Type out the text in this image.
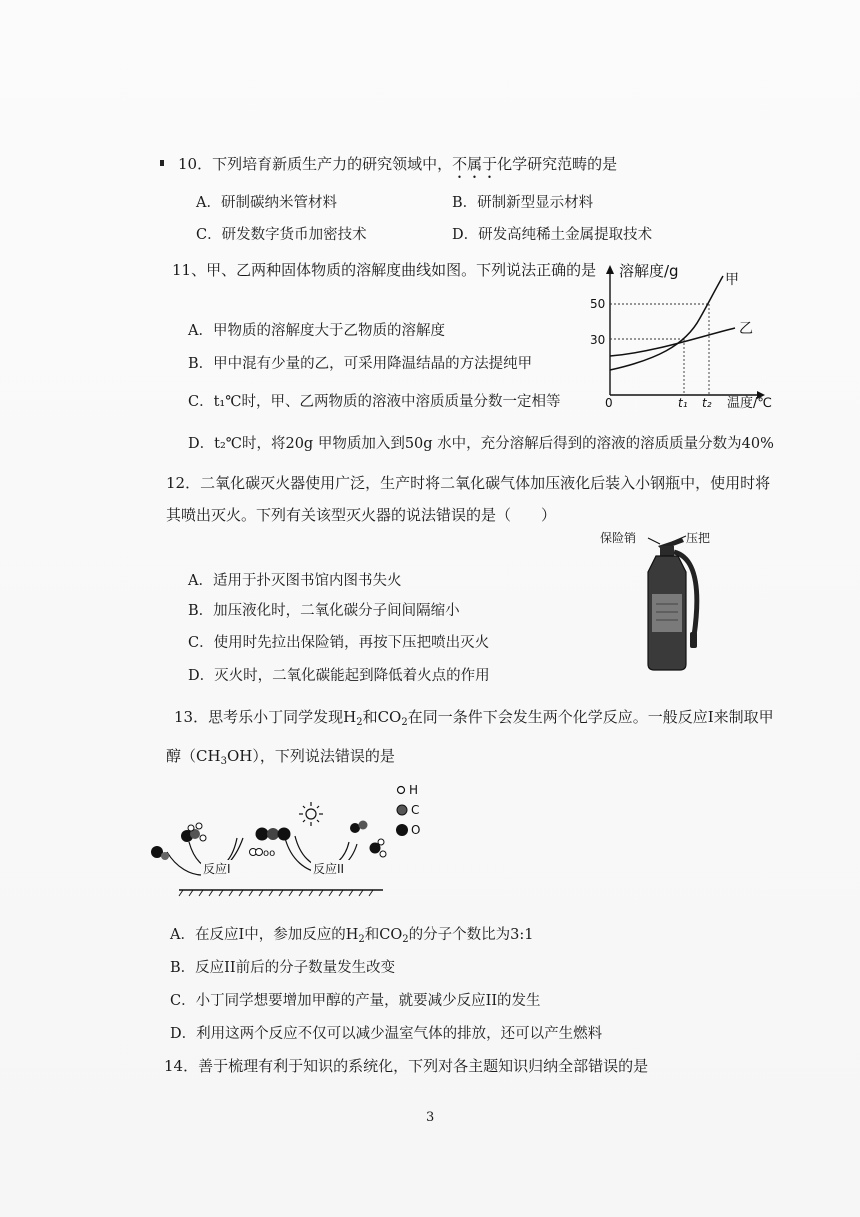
10．下列培育新质生产力的研究领域中，不属于化学研究范畴的是
A．研制碳纳米管材料	B．研制新型显示材料
C．研发数字货币加密技术	D．研发高纯稀土金属提取技术
11、甲、乙两种固体物质的溶解度曲线如图。下列说法正确的是
A．甲物质的溶解度大于乙物质的溶解度
B．甲中混有少量的乙，可采用降温结晶的方法提纯甲
C．t₁℃时，甲、乙两物质的溶液中溶质质量分数一定相等
D．t₂℃时，将20g 甲物质加入到50g 水中，充分溶解后得到的溶液的溶质质量分数为40%
溶解度/g
温度/℃
0
50
30
t₁ t₂
甲
乙
12．二氧化碳灭火器使用广泛，生产时将二氧化碳气体加压液化后装入小钢瓶中，使用时将
其喷出灭火。下列有关该型灭火器的说法错误的是（　　）
A．适用于扑灭图书馆内图书失火
B．加压液化时，二氧化碳分子间间隔缩小
C．使用时先拉出保险销，再按下压把喷出灭火
D．灭火时，二氧化碳能起到降低着火点的作用
保险销	压把
13．思考乐小丁同学发现$H_2$和$CO_2$在同一条件下会发生两个化学反应。一般反应I来制取甲
醇$(CH_3OH)$，下列说法错误的是
H
C
O
反应I	反应II
oo
A．在反应I中，参加反应的$H_2$和$CO_2$的分子个数比为3:1
B．反应II前后的分子数量发生改变
C．小丁同学想要增加甲醇的产量，就要减少反应II的发生
D．利用这两个反应不仅可以减少温室气体的排放，还可以产生燃料
14．善于梳理有利于知识的系统化，下列对各主题知识归纳全部错误的是
3
